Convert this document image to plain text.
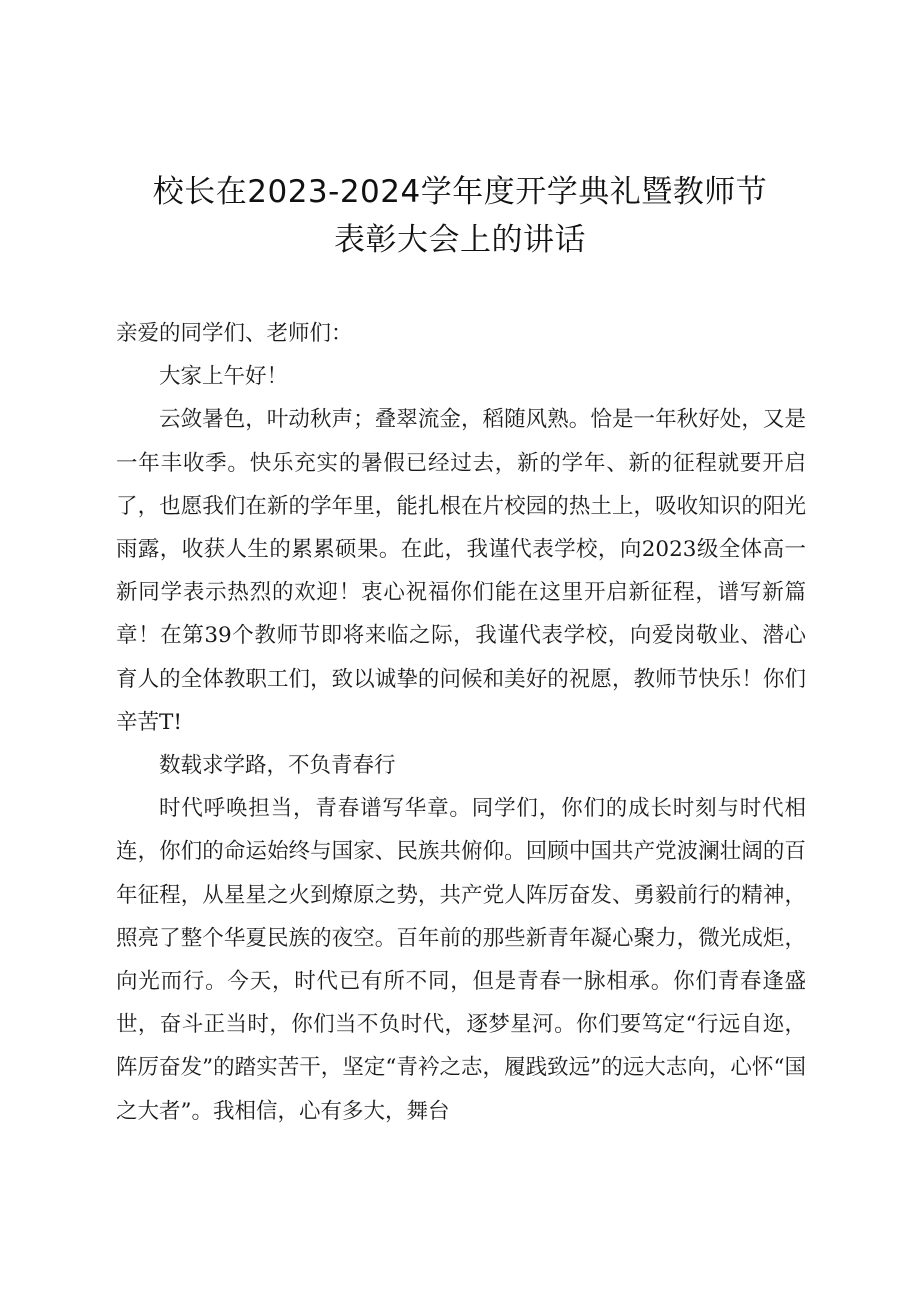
校长在2023-2024学年度开学典礼暨教师节
表彰大会上的讲话

亲爱的同学们、老师们：

大家上午好！

云敛暑色，叶动秋声；叠翠流金，稻随风熟。恰是一年秋好处，又是一年丰收季。快乐充实的暑假已经过去，新的学年、新的征程就要开启了，也愿我们在新的学年里，能扎根在片校园的热土上，吸收知识的阳光雨露，收获人生的累累硕果。在此，我谨代表学校，向2023级全体高一新同学表示热烈的欢迎！衷心祝福你们能在这里开启新征程，谱写新篇章！在第39个教师节即将来临之际，我谨代表学校，向爱岗敬业、潜心育人的全体教职工们，致以诚挚的问候和美好的祝愿，教师节快乐！你们辛苦T!

数载求学路，不负青春行

时代呼唤担当，青春谱写华章。同学们，你们的成长时刻与时代相连，你们的命运始终与国家、民族共俯仰。回顾中国共产党波澜壮阔的百年征程，从星星之火到燎原之势，共产党人阵厉奋发、勇毅前行的精神，照亮了整个华夏民族的夜空。百年前的那些新青年凝心聚力，微光成炬，向光而行。今天，时代已有所不同，但是青春一脉相承。你们青春逢盛世，奋斗正当时，你们当不负时代，逐梦星河。你们要笃定“行远自迩，阵厉奋发”的踏实苦干，坚定“青衿之志，履践致远”的远大志向，心怀“国之大者”。我相信，心有多大，舞台
